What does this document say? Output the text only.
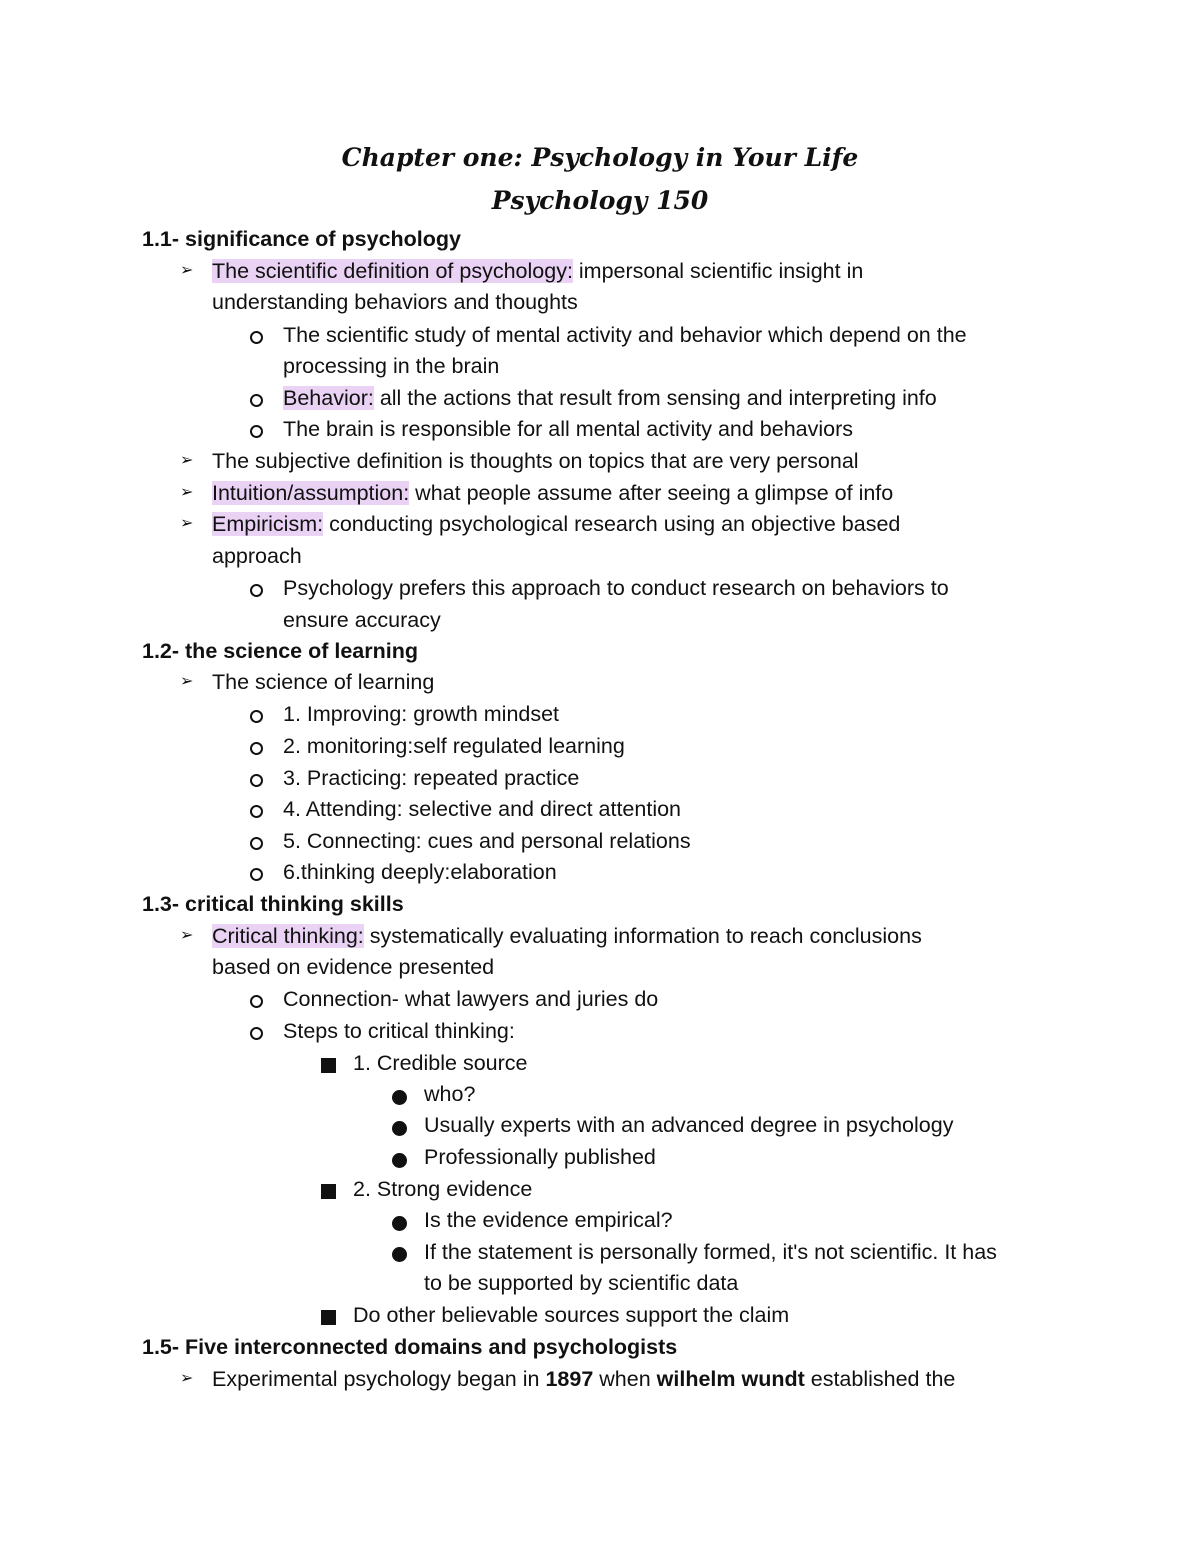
Chapter one: Psychology in Your Life
Psychology 150
1.1- significance of psychology
➢ The scientific definition of psychology: impersonal scientific insight in
understanding behaviors and thoughts
The scientific study of mental activity and behavior which depend on the
processing in the brain
Behavior: all the actions that result from sensing and interpreting info
The brain is responsible for all mental activity and behaviors
➢ The subjective definition is thoughts on topics that are very personal
➢ Intuition/assumption: what people assume after seeing a glimpse of info
➢ Empiricism: conducting psychological research using an objective based
approach
Psychology prefers this approach to conduct research on behaviors to
ensure accuracy
1.2- the science of learning
➢ The science of learning
1. Improving: growth mindset
2. monitoring:self regulated learning
3. Practicing: repeated practice
4. Attending: selective and direct attention
5. Connecting: cues and personal relations
6.thinking deeply:elaboration
1.3- critical thinking skills
➢ Critical thinking: systematically evaluating information to reach conclusions
based on evidence presented
Connection- what lawyers and juries do
Steps to critical thinking:
1. Credible source
who?
Usually experts with an advanced degree in psychology
Professionally published
2. Strong evidence
Is the evidence empirical?
If the statement is personally formed, it's not scientific. It has
to be supported by scientific data
Do other believable sources support the claim
1.5- Five interconnected domains and psychologists
➢ Experimental psychology began in 1897 when wilhelm wundt established the
